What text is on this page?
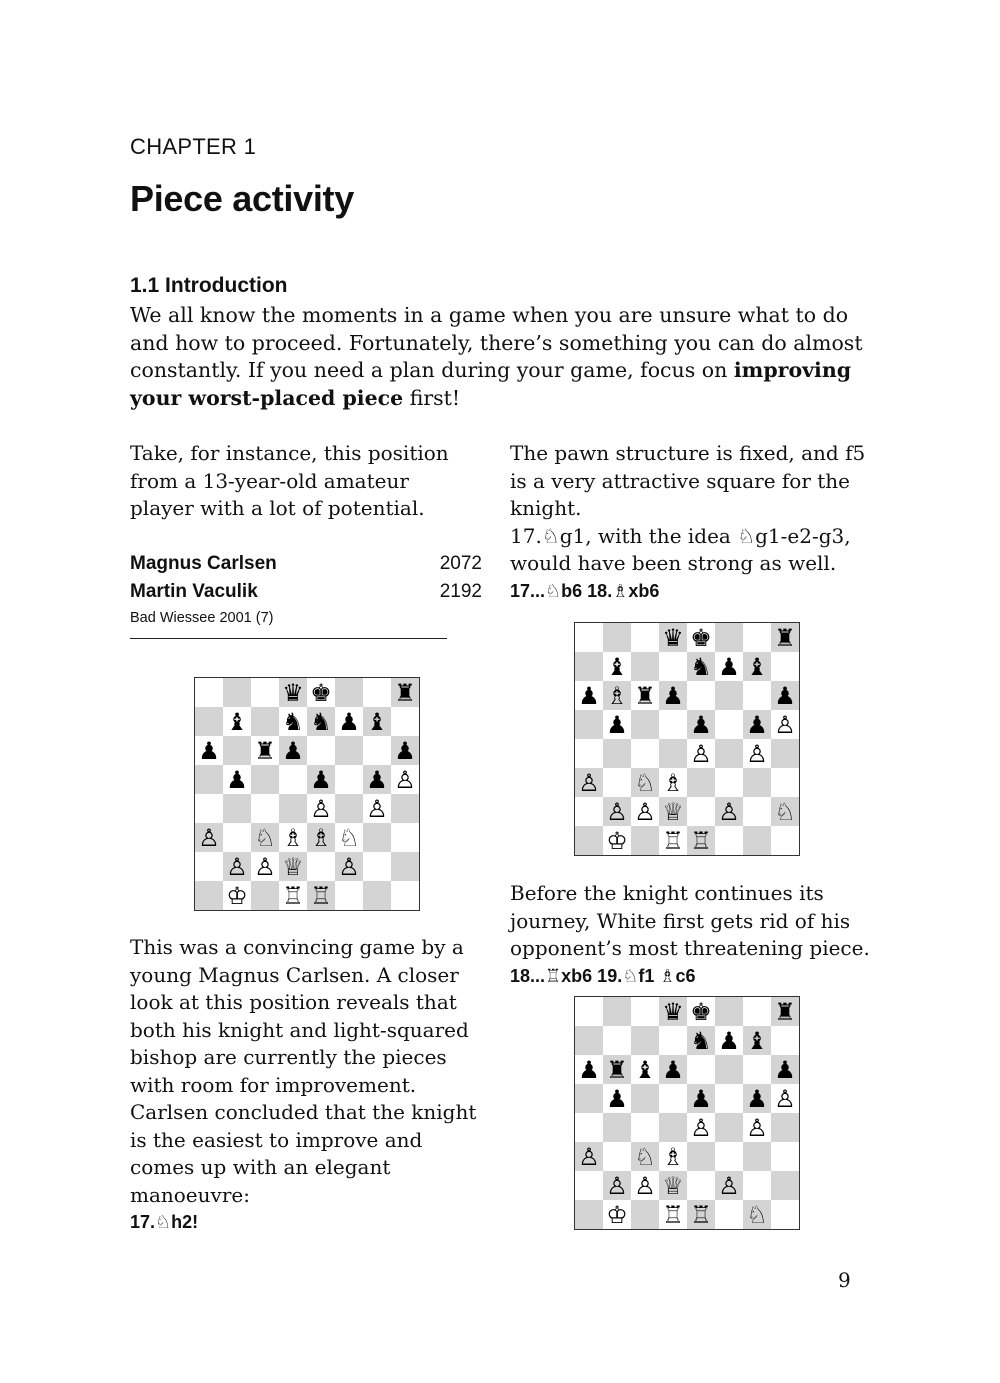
CHAPTER 1
Piece activity
1.1 Introduction
We all know the moments in a game when you are unsure what to do and how to proceed. Fortunately, there’s something you can do almost constantly. If you need a plan during your game, focus on improving your worst-placed piece first!
Take, for instance, this position from a 13-year-old amateur player with a lot of potential.
Magnus Carlsen	2072
Martin Vaculik	2192
Bad Wiessee 2001 (7)
♛ ♚	♜
♝ ♞ ♞ ♟ ♝
♟ ♜ ♟	♟
♟	♟ ♟ ♙
♙ ♙
♙ ♘ ♗ ♗ ♘
♙ ♙ ♕ ♙
♔ ♖ ♖
This was a convincing game by a young Magnus Carlsen. A closer look at this position reveals that both his knight and light-squared bishop are currently the pieces with room for improvement. Carlsen concluded that the knight is the easiest to improve and comes up with an elegant manoeuvre:
17.♘h2!
The pawn structure is fixed, and f5 is a very attractive square for the knight.
17.♘g1, with the idea ♘g1-e2-g3, would have been strong as well.
17...♘b6 18.♗xb6
♛ ♚	♜
♝	♞ ♟ ♝
♟ ♗ ♜ ♟	♟
♟	♟ ♟ ♙
♙ ♙
♙ ♘ ♗
♙ ♙ ♕ ♙ ♘
♔ ♖ ♖
Before the knight continues its journey, White first gets rid of his opponent’s most threatening piece.
18...♖xb6 19.♘f1 ♗c6
♛ ♚	♜
♞ ♟ ♝
♟ ♜ ♝ ♟	♟
♟	♟ ♟ ♙
♙ ♙
♙ ♘ ♗
♙ ♙ ♕ ♙
♔ ♖ ♖ ♘
9
